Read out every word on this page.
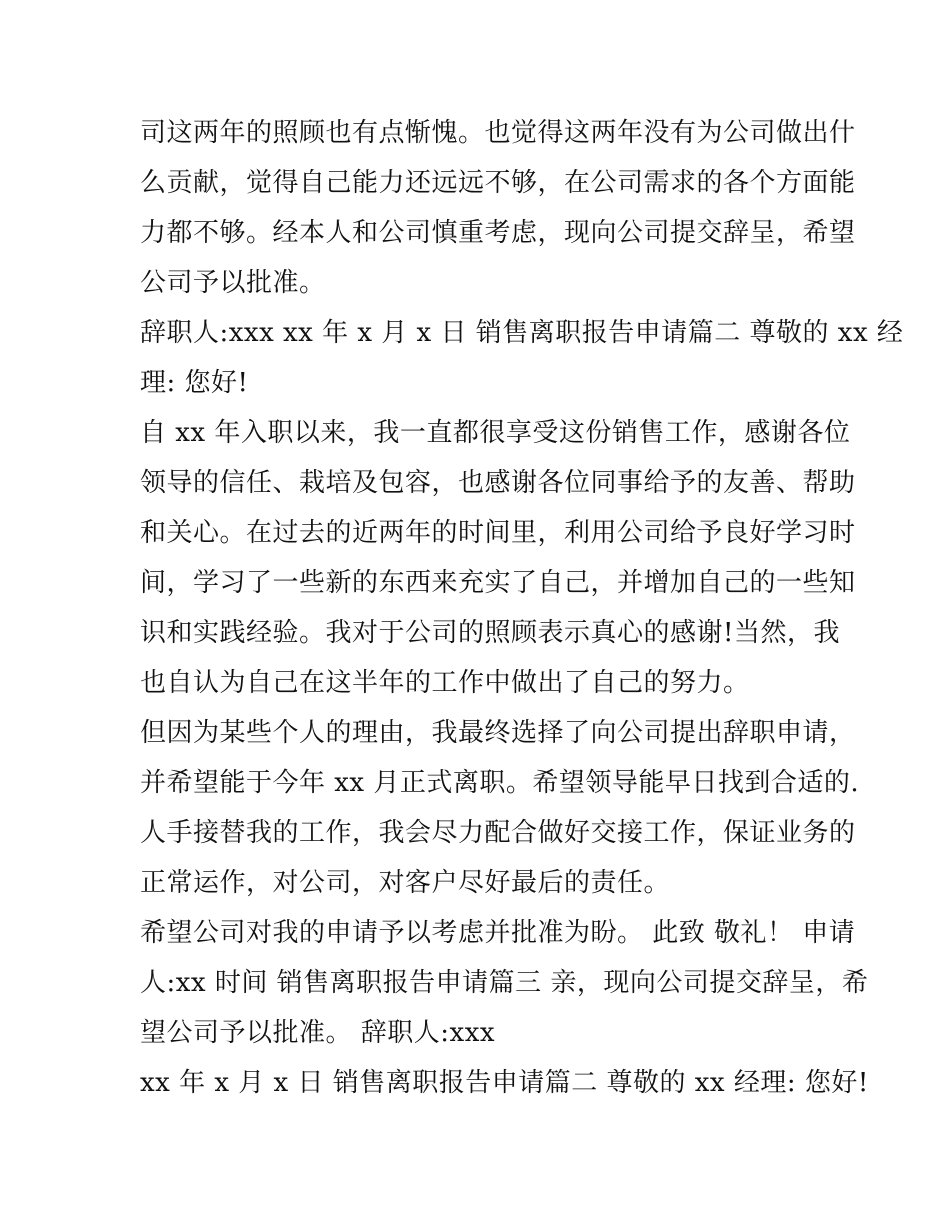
司这两年的照顾也有点惭愧。也觉得这两年没有为公司做出什
么贡献，觉得自己能力还远远不够，在公司需求的各个方面能
力都不够。经本人和公司慎重考虑，现向公司提交辞呈，希望
公司予以批准。
辞职人:xxx xx 年 x 月 x 日 销售离职报告申请篇二 尊敬的 xx 经
理: 您好!
自 xx 年入职以来，我一直都很享受这份销售工作，感谢各位
领导的信任、栽培及包容，也感谢各位同事给予的友善、帮助
和关心。在过去的近两年的时间里，利用公司给予良好学习时
间，学习了一些新的东西来充实了自己，并增加自己的一些知
识和实践经验。我对于公司的照顾表示真心的感谢!当然，我
也自认为自己在这半年的工作中做出了自己的努力。
但因为某些个人的理由，我最终选择了向公司提出辞职申请，
并希望能于今年 xx 月正式离职。希望领导能早日找到合适的.
人手接替我的工作，我会尽力配合做好交接工作，保证业务的
正常运作，对公司，对客户尽好最后的责任。
希望公司对我的申请予以考虑并批准为盼。 此致 敬礼！ 申请
人:xx 时间 销售离职报告申请篇三 亲，现向公司提交辞呈，希
望公司予以批准。 辞职人:xxx
xx 年 x 月 x 日 销售离职报告申请篇二 尊敬的 xx 经理: 您好!
